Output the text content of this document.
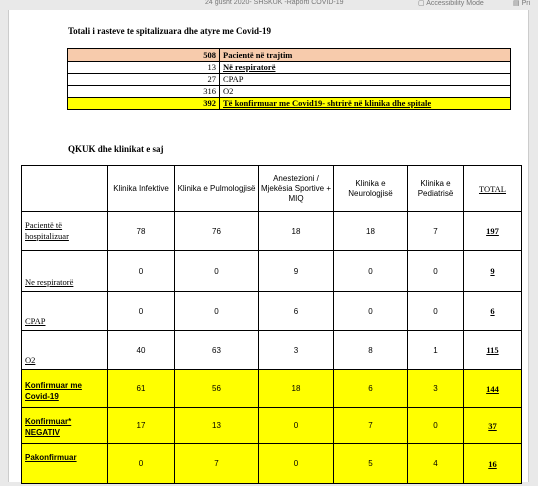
24 gusht 2020- SHSKUK -Raporti COVID-19	▢ Accessibility Mode	▤ Pri
Totali i rasteve te spitalizuara dhe atyre me Covid-19
508	Pacientë në trajtim
13	Në respiratorë
27	CPAP
316	O2
392	Të konfirmuar me Covid19- shtrirë në klinika dhe spitale
QKUK dhe klinikat e saj
	Klinika Infektive	Klinika e Pulmologjisë	Anestezioni / Mjekësia Sportive + MIQ	Klinika e Neurologjisë	Klinika e Pediatrisë	TOTAL
Pacientë të hospitalizuar	78	76	18	18	7	197
Ne respiratorë	0	0	9	0	0	9
CPAP	0	0	6	0	0	6
O2	40	63	3	8	1	115
Konfirmuar me Covid-19	61	56	18	6	3	144
Konfirmuar* NEGATIV	17	13	0	7	0	37
Pakonfirmuar	0	7	0	5	4	16
